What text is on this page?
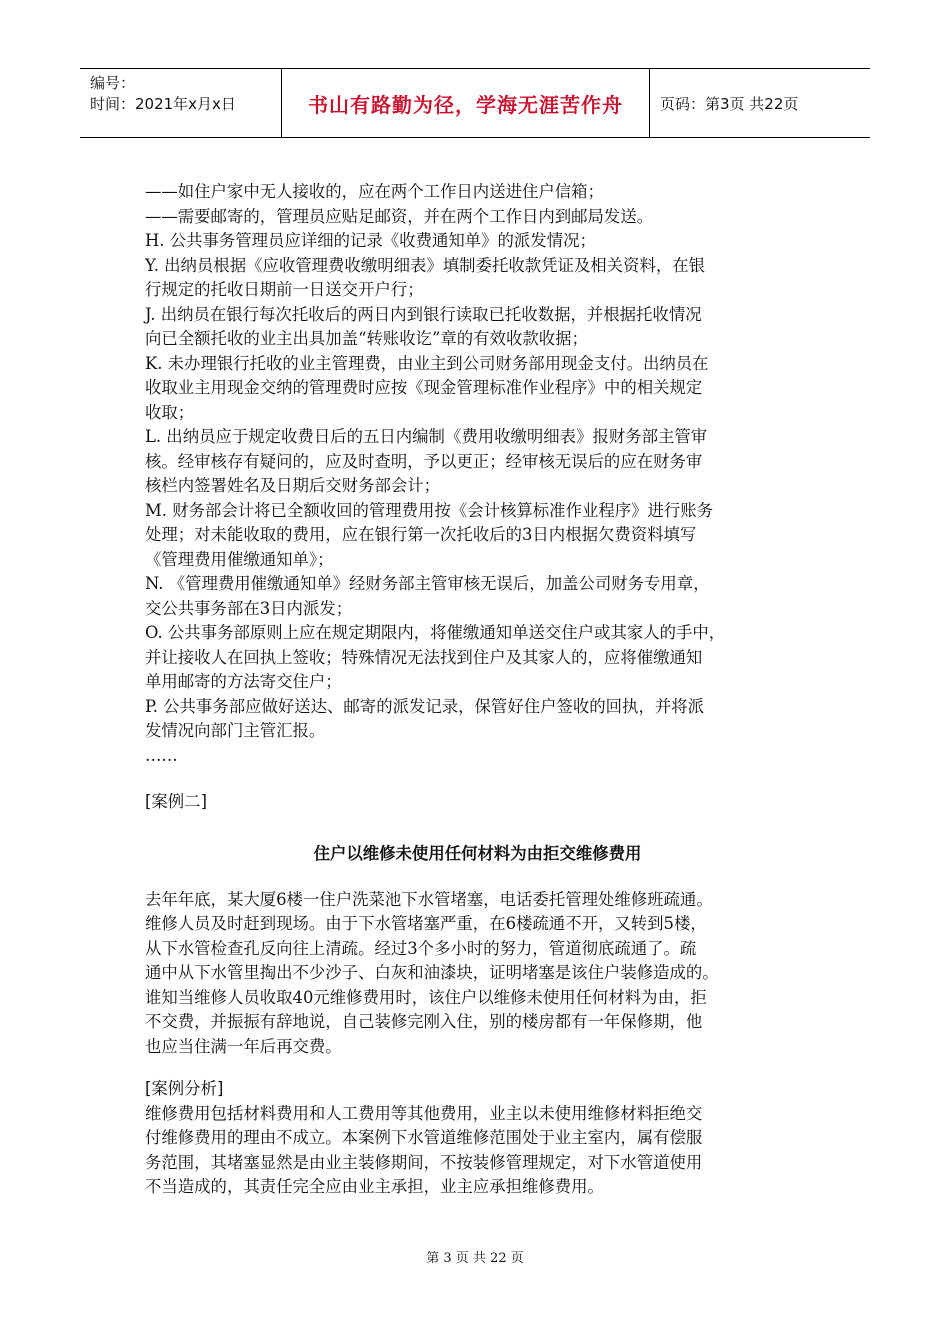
编号：
时间：2021年x月x日	书山有路勤为径，学海无涯苦作舟	页码：第3页 共22页

——如住户家中无人接收的，应在两个工作日内送进住户信箱；

——需要邮寄的，管理员应贴足邮资，并在两个工作日内到邮局发送。

H. 公共事务管理员应详细的记录《收费通知单》的派发情况；

Y. 出纳员根据《应收管理费收缴明细表》填制委托收款凭证及相关资料，在银

行规定的托收日期前一日送交开户行；

J. 出纳员在银行每次托收后的两日内到银行读取已托收数据，并根据托收情况

向已全额托收的业主出具加盖“转账收讫”章的有效收款收据；

K. 未办理银行托收的业主管理费，由业主到公司财务部用现金支付。出纳员在

收取业主用现金交纳的管理费时应按《现金管理标准作业程序》中的相关规定

收取；

L. 出纳员应于规定收费日后的五日内编制《费用收缴明细表》报财务部主管审

核。经审核存有疑问的，应及时查明，予以更正；经审核无误后的应在财务审

核栏内签署姓名及日期后交财务部会计；

M. 财务部会计将已全额收回的管理费用按《会计核算标准作业程序》进行账务

处理；对未能收取的费用，应在银行第一次托收后的3日内根据欠费资料填写

《管理费用催缴通知单》；

N. 《管理费用催缴通知单》经财务部主管审核无误后，加盖公司财务专用章，

交公共事务部在3日内派发；

O. 公共事务部原则上应在规定期限内，将催缴通知单送交住户或其家人的手中，

并让接收人在回执上签收；特殊情况无法找到住户及其家人的，应将催缴通知

单用邮寄的方法寄交住户；

P. 公共事务部应做好送达、邮寄的派发记录，保管好住户签收的回执，并将派

发情况向部门主管汇报。

……

[案例二]

住户以维修未使用任何材料为由拒交维修费用

去年年底，某大厦6楼一住户洗菜池下水管堵塞，电话委托管理处维修班疏通。

维修人员及时赶到现场。由于下水管堵塞严重，在6楼疏通不开，又转到5楼，

从下水管检查孔反向往上清疏。经过3个多小时的努力，管道彻底疏通了。疏

通中从下水管里掏出不少沙子、白灰和油漆块，证明堵塞是该住户装修造成的。

谁知当维修人员收取40元维修费用时，该住户以维修未使用任何材料为由，拒

不交费，并振振有辞地说，自己装修完刚入住，别的楼房都有一年保修期，他

也应当住满一年后再交费。

[案例分析]

维修费用包括材料费用和人工费用等其他费用，业主以未使用维修材料拒绝交

付维修费用的理由不成立。本案例下水管道维修范围处于业主室内，属有偿服

务范围，其堵塞显然是由业主装修期间，不按装修管理规定，对下水管道使用

不当造成的，其责任完全应由业主承担，业主应承担维修费用。

第 3 页 共 22 页
